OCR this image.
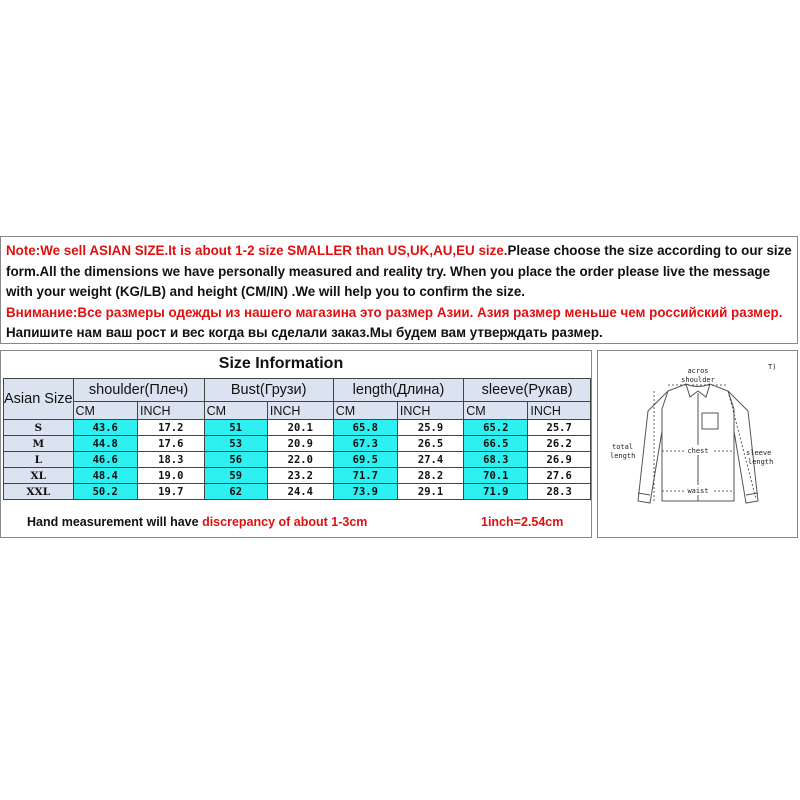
Note:We sell ASIAN SIZE.It is about 1-2 size SMALLER than US,UK,AU,EU size.Please choose the size according to our size form.All the dimensions we have personally measured and reality try. When you place the order please live the message with your weight (KG/LB) and height (CM/IN) .We will help you to confirm the size.
Внимание:Все размеры одежды из нашего магазина это размер Азии. Азия размер меньше чем российский размер. Напишите нам ваш рост и вес когда вы сделали заказ.Мы будем вам утверждать размер.
Size Information
Asian Size	shoulder(Плеч)		Bust(Грузи)		length(Длина)		sleeve(Рукав)	
	CM	INCH	CM	INCH	CM	INCH	CM	INCH
S	43.6	17.2	51	20.1	65.8	25.9	65.2	25.7
M	44.8	17.6	53	20.9	67.3	26.5	66.5	26.2
L	46.6	18.3	56	22.0	69.5	27.4	68.3	26.9
XL	48.4	19.0	59	23.2	71.7	28.2	70.1	27.6
XXL	50.2	19.7	62	24.4	73.9	29.1	71.9	28.3
Hand measurement will have discrepancy of about 1-3cm	1inch=2.54cm
acros
shoulder
total
length
chest	sleeve
length
waist
T)
